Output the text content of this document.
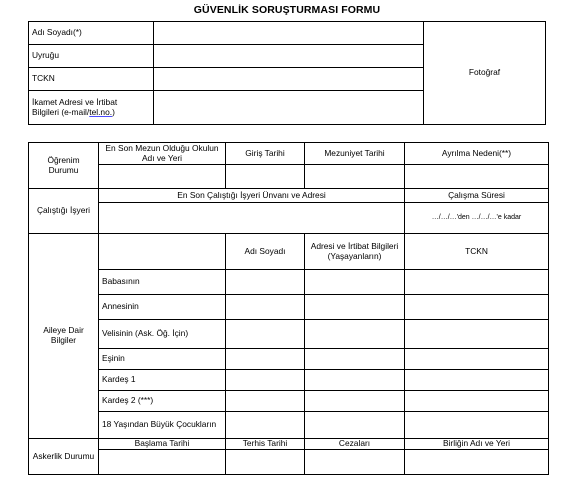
GÜVENLİK SORUŞTURMASI FORMU
Adı Soyadı(*)		Fotoğraf
Uyruğu		
TCKN		
İkamet Adresi ve İrtibat
Bilgileri (e-mail/tel.no.)		
Öğrenim Durumu	En Son Mezun Olduğu Okulun Adı ve Yeri	Giriş Tarihi	Mezuniyet Tarihi	Ayrılma Nedeni(**)

Çalıştığı İşyeri	En Son Çalıştığı İşyeri Ünvanı ve Adresi			Çalışma Süresi
				…/…/…'den …/…/…'e kadar
Aileye Dair Bilgiler		Adı Soyadı	Adresi ve İrtibat Bilgileri (Yaşayanların)	TCKN
	Babasının			
	Annesinin			
	Velisinin (Ask. Öğ. İçin)			
	Eşinin			
	Kardeş 1			
	Kardeş 2 (***)			
	18 Yaşından Büyük Çocukların			
Askerlik Durumu	Başlama Tarihi	Terhis Tarihi	Cezaları	Birliğin Adı ve Yeri
